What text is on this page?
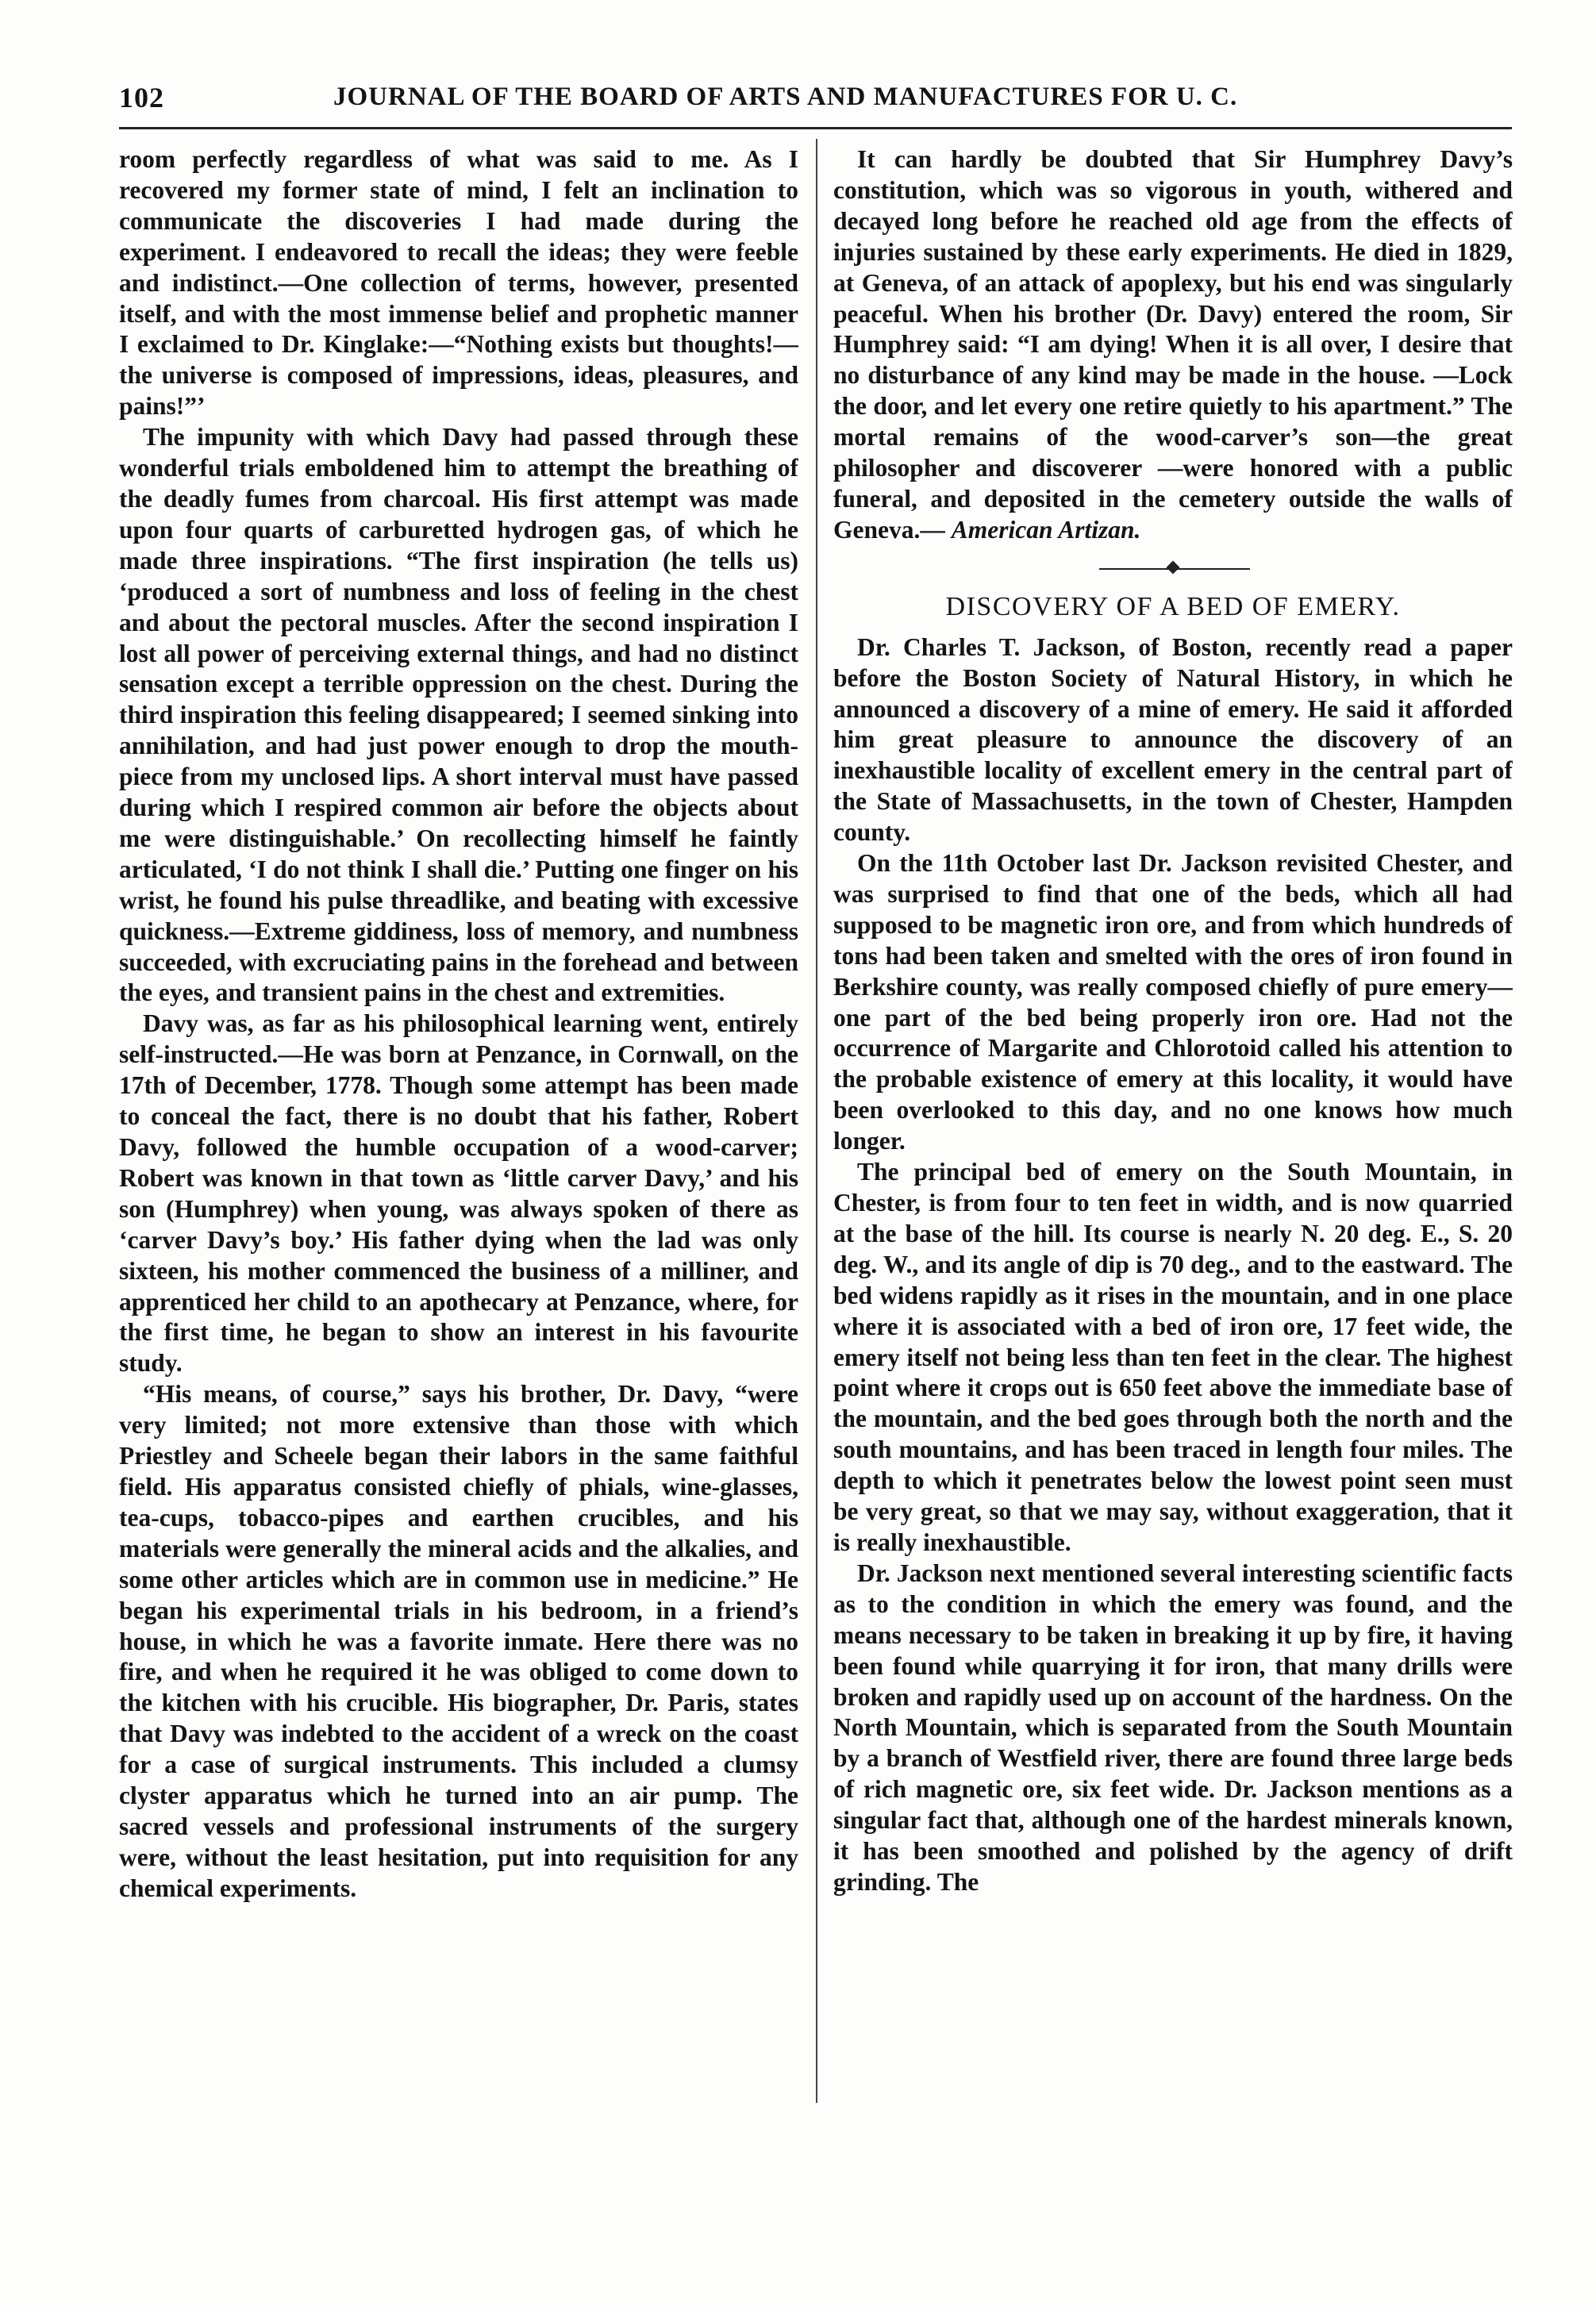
102	JOURNAL OF THE BOARD OF ARTS AND MANUFACTURES FOR U. C.

room perfectly regardless of what was said to me. As I recovered my former state of mind, I felt an inclination to communicate the discoveries I had made during the experiment. I endeavored to recall the ideas; they were feeble and indistinct.—One collection of terms, however, presented itself, and with the most immense belief and prophetic manner I exclaimed to Dr. Kinglake:—“Nothing exists but thoughts!—the universe is composed of impressions, ideas, pleasures, and pains!”’

The impunity with which Davy had passed through these wonderful trials emboldened him to attempt the breathing of the deadly fumes from charcoal. His first attempt was made upon four quarts of carburetted hydrogen gas, of which he made three inspirations. “The first inspiration (he tells us) ‘produced a sort of numbness and loss of feeling in the chest and about the pectoral muscles. After the second inspiration I lost all power of perceiving external things, and had no distinct sensation except a terrible oppression on the chest. During the third inspiration this feeling disappeared; I seemed sinking into annihilation, and had just power enough to drop the mouth-piece from my unclosed lips. A short interval must have passed during which I respired common air before the objects about me were distinguishable.’ On recollecting himself he faintly articulated, ‘I do not think I shall die.’ Putting one finger on his wrist, he found his pulse threadlike, and beating with excessive quickness.—Extreme giddiness, loss of memory, and numbness succeeded, with excruciating pains in the forehead and between the eyes, and transient pains in the chest and extremities.

Davy was, as far as his philosophical learning went, entirely self-instructed.—He was born at Penzance, in Cornwall, on the 17th of December, 1778. Though some attempt has been made to conceal the fact, there is no doubt that his father, Robert Davy, followed the humble occupation of a wood-carver; Robert was known in that town as ‘little carver Davy,’ and his son (Humphrey) when young, was always spoken of there as ‘carver Davy’s boy.’ His father dying when the lad was only sixteen, his mother commenced the business of a milliner, and apprenticed her child to an apothecary at Penzance, where, for the first time, he began to show an interest in his favourite study.

“His means, of course,” says his brother, Dr. Davy, “were very limited; not more extensive than those with which Priestley and Scheele began their labors in the same faithful field. His apparatus consisted chiefly of phials, wine-glasses, tea-cups, tobacco-pipes and earthen crucibles, and his materials were generally the mineral acids and the alkalies, and some other articles which are in common use in medicine.” He began his experimental trials in his bedroom, in a friend’s house, in which he was a favorite inmate. Here there was no fire, and when he required it he was obliged to come down to the kitchen with his crucible. His biographer, Dr. Paris, states that Davy was indebted to the accident of a wreck on the coast for a case of surgical instruments. This included a clumsy clyster apparatus which he turned into an air pump. The sacred vessels and professional instruments of the surgery were, without the least hesitation, put into requisition for any chemical experiments.

It can hardly be doubted that Sir Humphrey Davy’s constitution, which was so vigorous in youth, withered and decayed long before he reached old age from the effects of injuries sustained by these early experiments. He died in 1829, at Geneva, of an attack of apoplexy, but his end was singularly peaceful. When his brother (Dr. Davy) entered the room, Sir Humphrey said: “I am dying! When it is all over, I desire that no disturbance of any kind may be made in the house. —Lock the door, and let every one retire quietly to his apartment.” The mortal remains of the wood-carver’s son—the great philosopher and discoverer —were honored with a public funeral, and deposited in the cemetery outside the walls of Geneva.— American Artizan.

DISCOVERY OF A BED OF EMERY.

Dr. Charles T. Jackson, of Boston, recently read a paper before the Boston Society of Natural History, in which he announced a discovery of a mine of emery. He said it afforded him great pleasure to announce the discovery of an inexhaustible locality of excellent emery in the central part of the State of Massachusetts, in the town of Chester, Hampden county.

On the 11th October last Dr. Jackson revisited Chester, and was surprised to find that one of the beds, which all had supposed to be magnetic iron ore, and from which hundreds of tons had been taken and smelted with the ores of iron found in Berkshire county, was really composed chiefly of pure emery—one part of the bed being properly iron ore. Had not the occurrence of Margarite and Chlorotoid called his attention to the probable existence of emery at this locality, it would have been overlooked to this day, and no one knows how much longer.

The principal bed of emery on the South Mountain, in Chester, is from four to ten feet in width, and is now quarried at the base of the hill. Its course is nearly N. 20 deg. E., S. 20 deg. W., and its angle of dip is 70 deg., and to the eastward. The bed widens rapidly as it rises in the mountain, and in one place where it is associated with a bed of iron ore, 17 feet wide, the emery itself not being less than ten feet in the clear. The highest point where it crops out is 650 feet above the immediate base of the mountain, and the bed goes through both the north and the south mountains, and has been traced in length four miles. The depth to which it penetrates below the lowest point seen must be very great, so that we may say, without exaggeration, that it is really inexhaustible.

Dr. Jackson next mentioned several interesting scientific facts as to the condition in which the emery was found, and the means necessary to be taken in breaking it up by fire, it having been found while quarrying it for iron, that many drills were broken and rapidly used up on account of the hardness. On the North Mountain, which is separated from the South Mountain by a branch of Westfield river, there are found three large beds of rich magnetic ore, six feet wide. Dr. Jackson mentions as a singular fact that, although one of the hardest minerals known, it has been smoothed and polished by the agency of drift grinding. The
